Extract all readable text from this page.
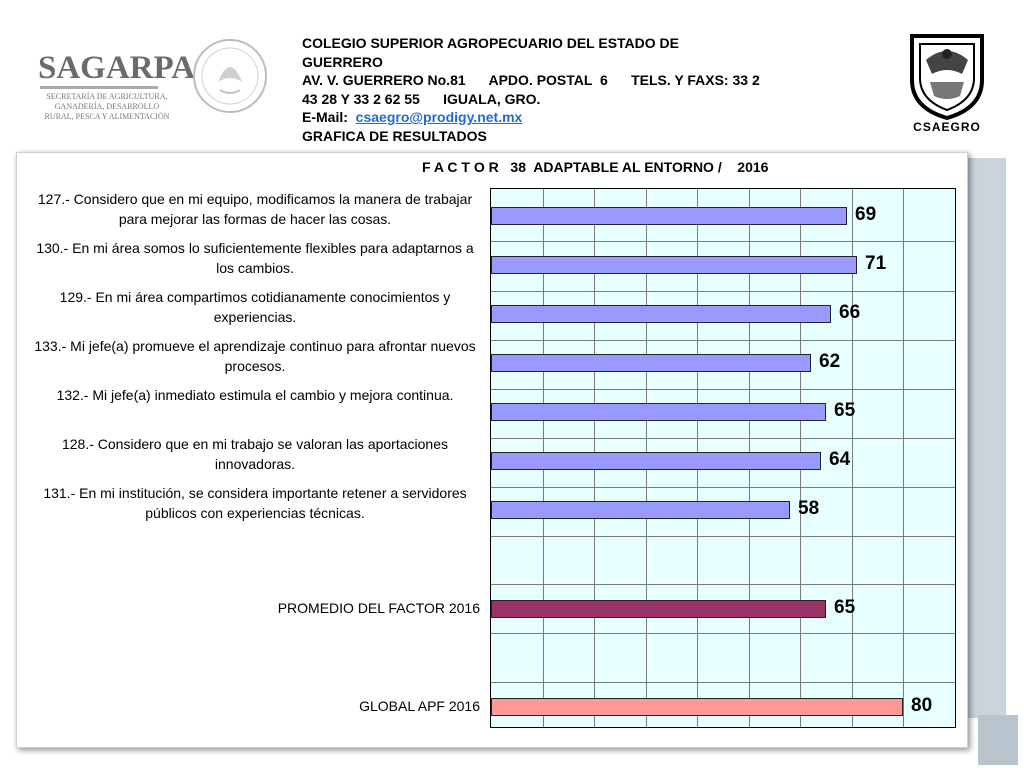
SAGARPA
SECRETARÍA DE AGRICULTURA, GANADERÍA, DESARROLLO RURAL, PESCA Y ALIMENTACIÓN
COLEGIO SUPERIOR AGROPECUARIO DEL ESTADO DE
GUERRERO
AV. V. GUERRERO No.81      APDO. POSTAL  6      TELS. Y FAXS: 33 2
43 28 Y 33 2 62 55      IGUALA, GRO.
E-Mail:  csaegro@prodigy.net.mx
GRAFICA DE RESULTADOS
CSAEGRO
F A C T O R   38  ADAPTABLE AL ENTORNO /    2016
69
71
66
62
65
64
58
65
80
127.- Considero que en mi equipo, modificamos la manera de trabajar para mejorar las formas de hacer las cosas.
130.- En mi área somos lo suficientemente flexibles para adaptarnos a los cambios.
129.- En mi área compartimos cotidianamente conocimientos y experiencias.
133.- Mi jefe(a) promueve el aprendizaje continuo para afrontar nuevos procesos.
132.- Mi jefe(a) inmediato estimula el cambio y mejora continua.
128.- Considero que en mi trabajo se valoran las aportaciones innovadoras.
131.- En mi institución, se considera importante retener a servidores públicos con experiencias técnicas.
PROMEDIO DEL FACTOR 2016
GLOBAL APF 2016
